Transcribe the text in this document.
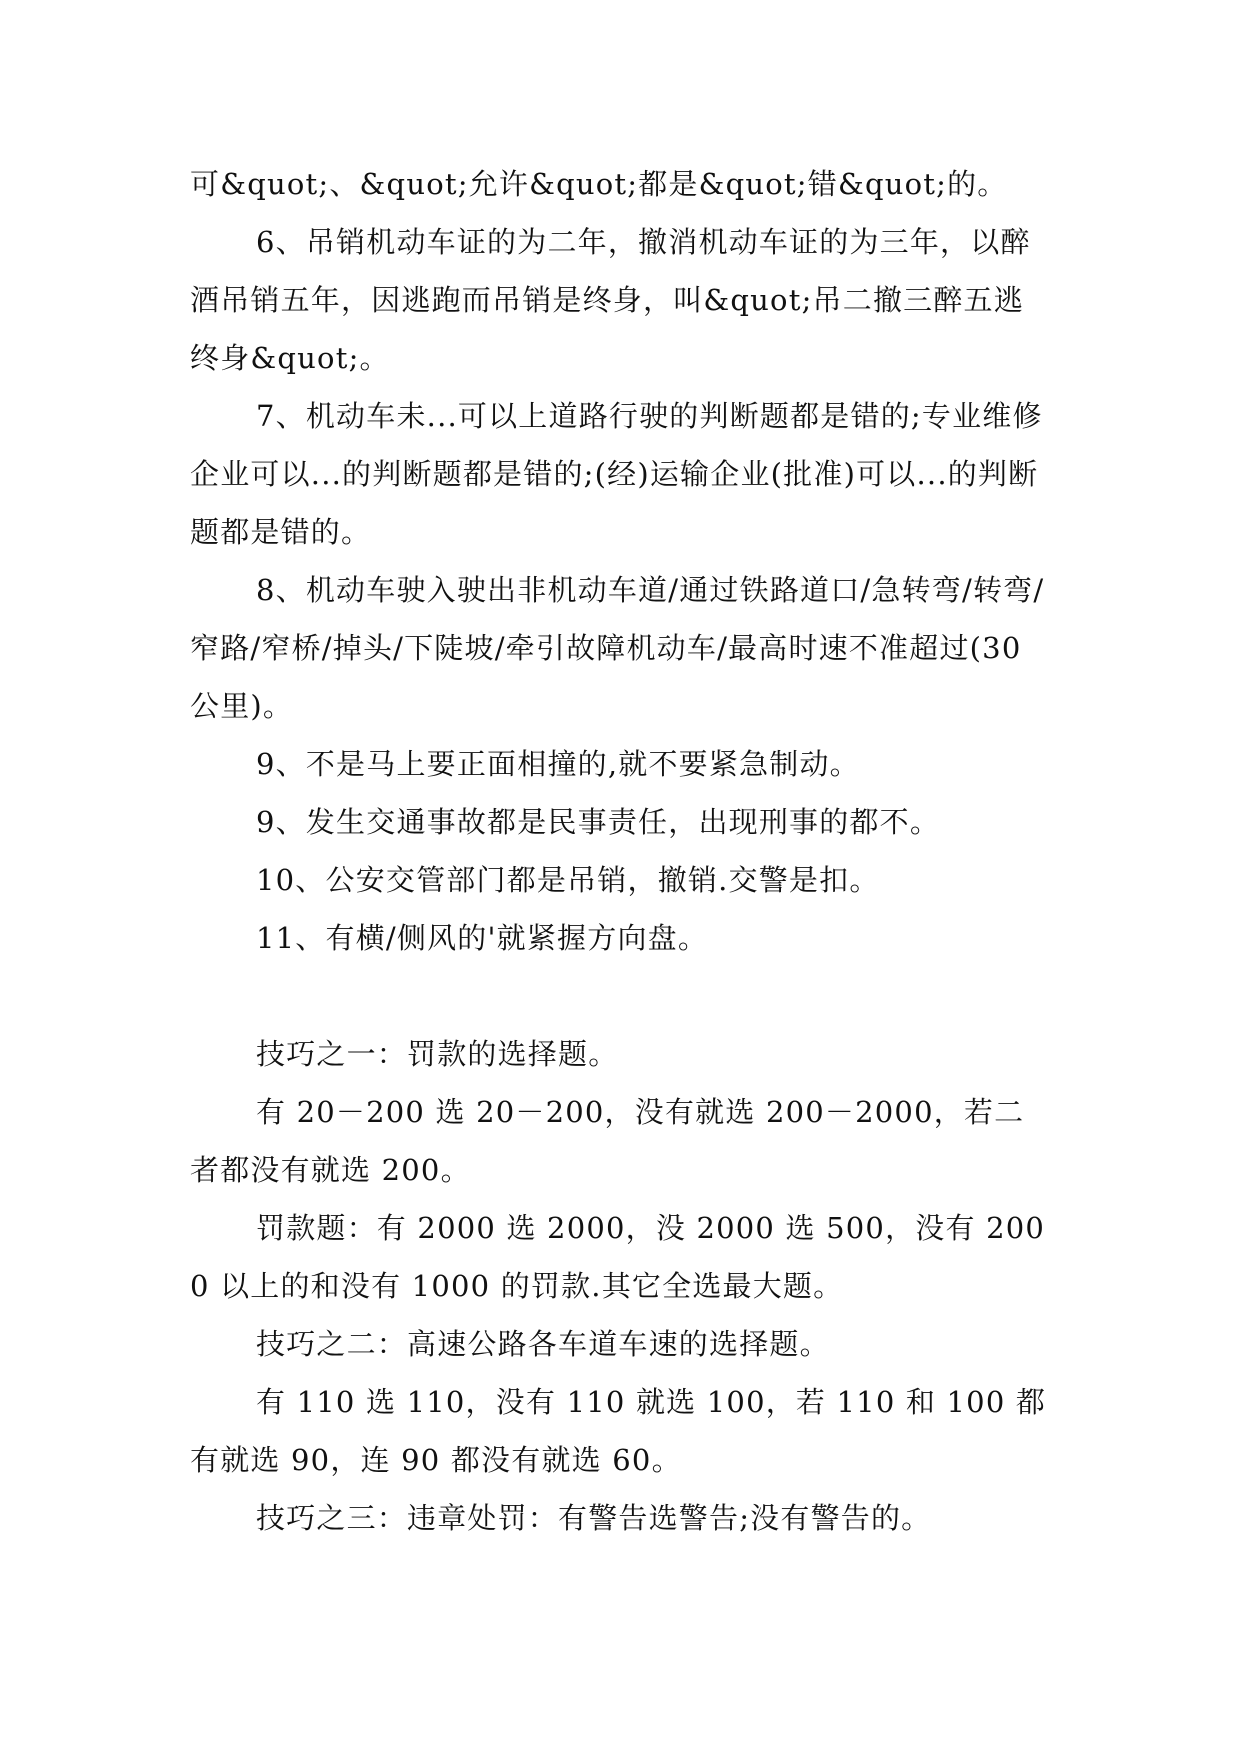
可&quot;、&quot;允许&quot;都是&quot;错&quot;的。

6、吊销机动车证的为二年，撤消机动车证的为三年，以醉酒吊销五年，因逃跑而吊销是终身，叫&quot;吊二撤三醉五逃终身&quot;。

7、机动车未...可以上道路行驶的判断题都是错的;专业维修企业可以...的判断题都是错的;(经)运输企业(批准)可以...的判断题都是错的。

8、机动车驶入驶出非机动车道/通过铁路道口/急转弯/转弯/窄路/窄桥/掉头/下陡坡/牵引故障机动车/最高时速不准超过(30 公里)。

9、不是马上要正面相撞的,就不要紧急制动。

9、发生交通事故都是民事责任，出现刑事的都不。

10、公安交管部门都是吊销，撤销.交警是扣。

11、有横/侧风的'就紧握方向盘。

技巧之一：罚款的选择题。

有 20－200 选 20－200，没有就选 200－2000，若二者都没有就选 200。

罚款题：有 2000 选 2000，没 2000 选 500，没有 2000 以上的和没有 1000 的罚款.其它全选最大题。

技巧之二：高速公路各车道车速的选择题。

有 110 选 110，没有 110 就选 100，若 110 和 100 都有就选 90，连 90 都没有就选 60。

技巧之三：违章处罚：有警告选警告;没有警告的。
